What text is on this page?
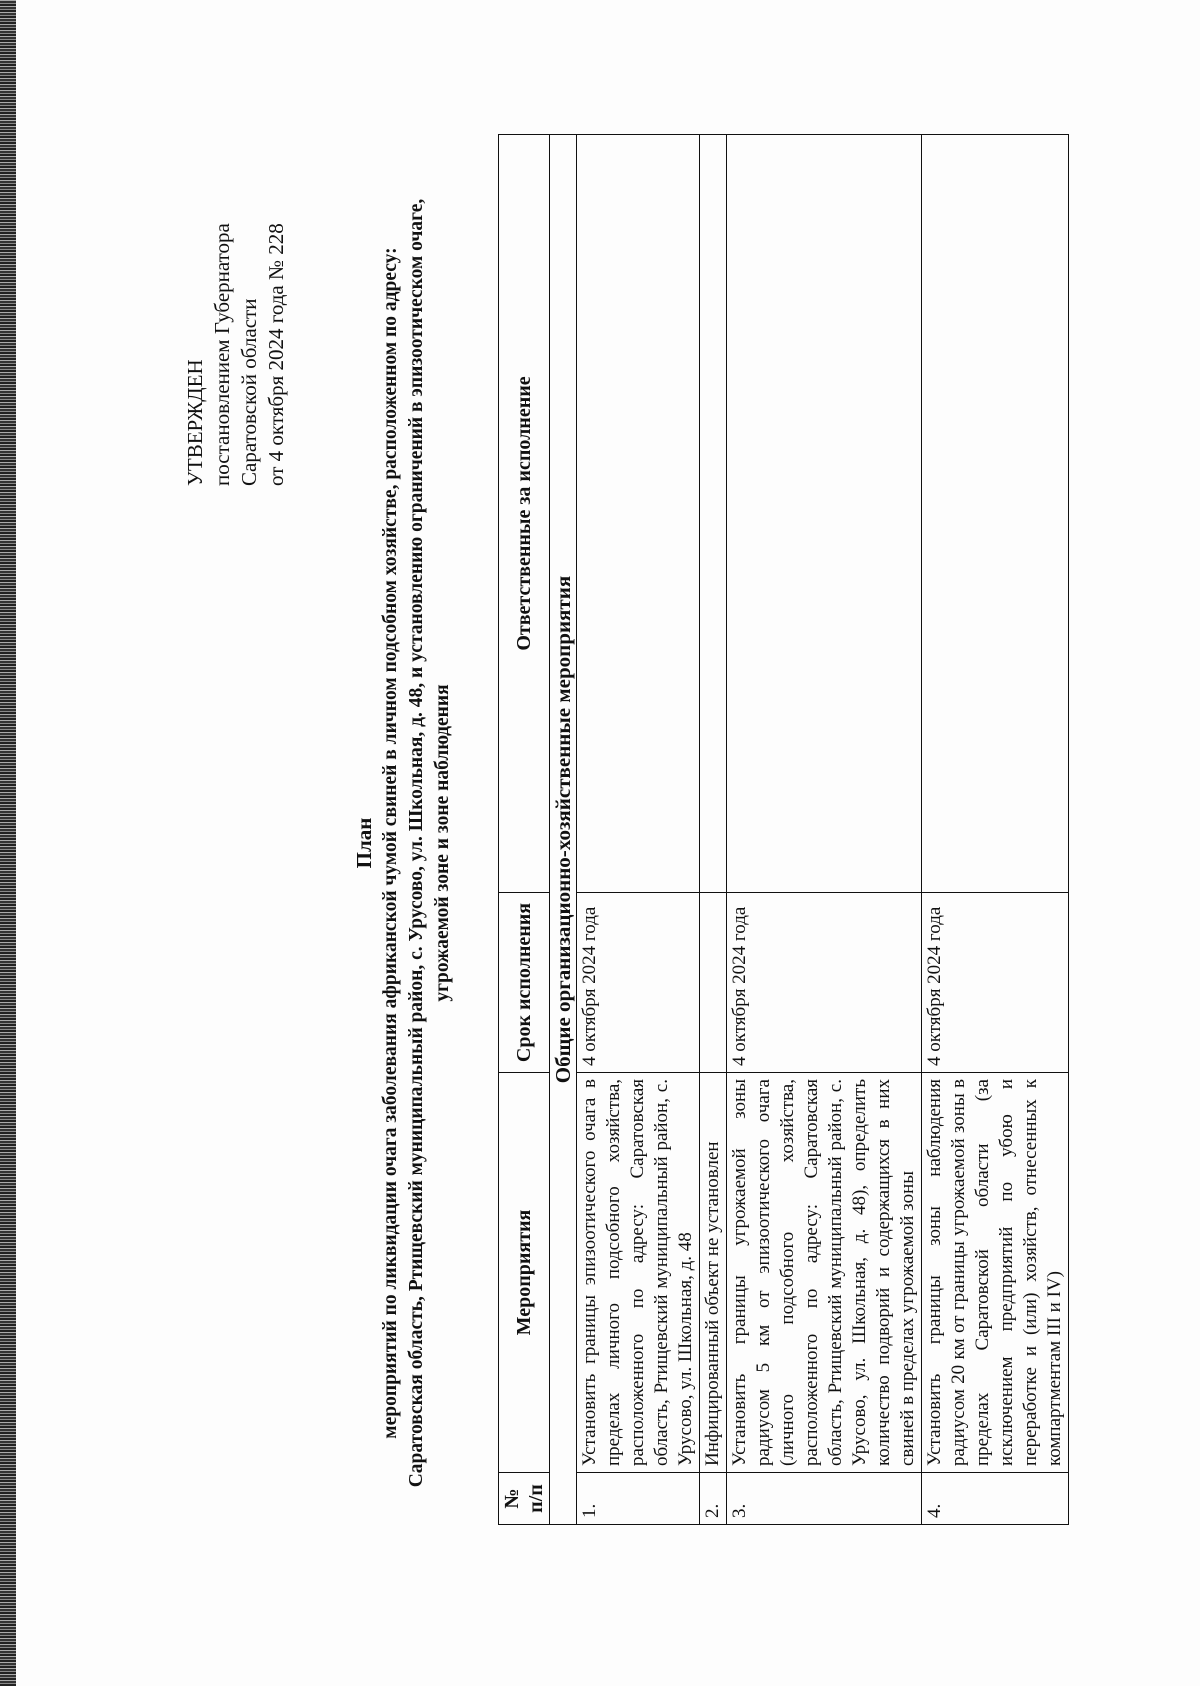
УТВЕРЖДЕН постановлением Губернатора Саратовской области от 4 октября 2024 года № 228
План мероприятий по ликвидации очага заболевания африканской чумой свиней в личном подсобном хозяйстве, расположенном по адресу: Саратовская область, Ртищевский муниципальный район, с. Урусово, ул. Школьная, д. 48, и установлению ограничений в эпизоотическом очаге, угрожаемой зоне и зоне наблюдения
№ п/п	Мероприятия	Срок исполнения	Ответственные за исполнение
Общие организационно-хозяйственные мероприятия			
1.	Установить границы эпизоотического очага в пределах личного подсобного хозяйства, расположенного по адресу: Саратовская область, Ртищевский муниципальный район, с. Урусово, ул. Школьная, д. 48	4 октября 2024 года	
2.	Инфицированный объект не установлен		
3.	Установить границы угрожаемой зоны радиусом 5 км от эпизоотического очага (личного подсобного хозяйства, расположенного по адресу: Саратовская область, Ртищевский муниципальный район, с. Урусово, ул. Школьная, д. 48), определить количество подворий и содержащихся в них свиней в пределах угрожаемой зоны	4 октября 2024 года	
4.	Установить границы зоны наблюдения радиусом 20 км от границы угрожаемой зоны в пределах Саратовской области (за исключением предприятий по убою и переработке и (или) хозяйств, отнесенных к компартментам III и IV)	4 октября 2024 года	
